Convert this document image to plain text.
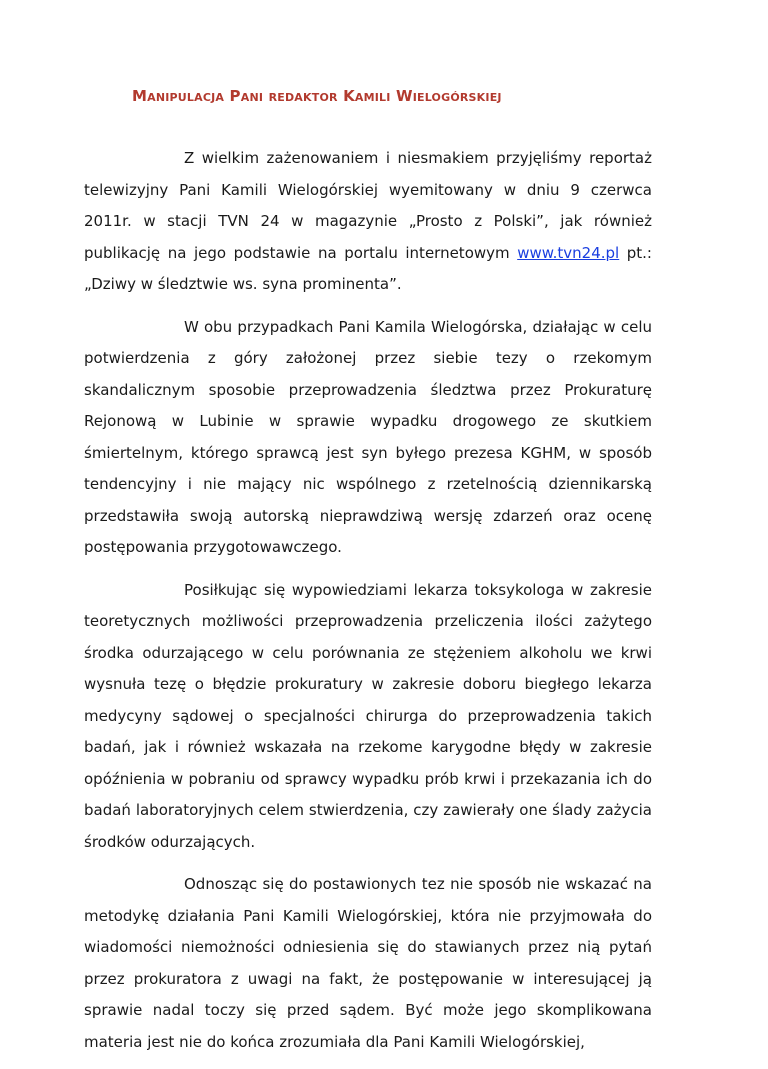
Manipulacja Pani redaktor Kamili Wielogórskiej

Z wielkim zażenowaniem i niesmakiem przyjęliśmy reportaż telewizyjny Pani Kamili Wielogórskiej wyemitowany w dniu 9 czerwca 2011r. w stacji TVN 24 w magazynie „Prosto z Polski”, jak również publikację na jego podstawie na portalu internetowym www.tvn24.pl pt.: „Dziwy w śledztwie ws. syna prominenta”.

W obu przypadkach Pani Kamila Wielogórska, działając w celu potwierdzenia z góry założonej przez siebie tezy o rzekomym skandalicznym sposobie przeprowadzenia śledztwa przez Prokuraturę Rejonową w Lubinie w sprawie wypadku drogowego ze skutkiem śmiertelnym, którego sprawcą jest syn byłego prezesa KGHM, w sposób tendencyjny i nie mający nic wspólnego z rzetelnością dziennikarską przedstawiła swoją autorską nieprawdziwą wersję zdarzeń oraz ocenę postępowania przygotowawczego.

Posiłkując się wypowiedziami lekarza toksykologa w zakresie teoretycznych możliwości przeprowadzenia przeliczenia ilości zażytego środka odurzającego w celu porównania ze stężeniem alkoholu we krwi wysnuła tezę o błędzie prokuratury w zakresie doboru biegłego lekarza medycyny sądowej o specjalności chirurga do przeprowadzenia takich badań, jak i również wskazała na rzekome karygodne błędy w zakresie opóźnienia w pobraniu od sprawcy wypadku prób krwi i przekazania ich do badań laboratoryjnych celem stwierdzenia, czy zawierały one ślady zażycia środków odurzających.

Odnosząc się do postawionych tez nie sposób nie wskazać na metodykę działania Pani Kamili Wielogórskiej, która nie przyjmowała do wiadomości niemożności odniesienia się do stawianych przez nią pytań przez prokuratora z uwagi na fakt, że postępowanie w interesującej ją sprawie nadal toczy się przed sądem. Być może jego skomplikowana materia jest nie do końca zrozumiała dla Pani Kamili Wielogórskiej,
